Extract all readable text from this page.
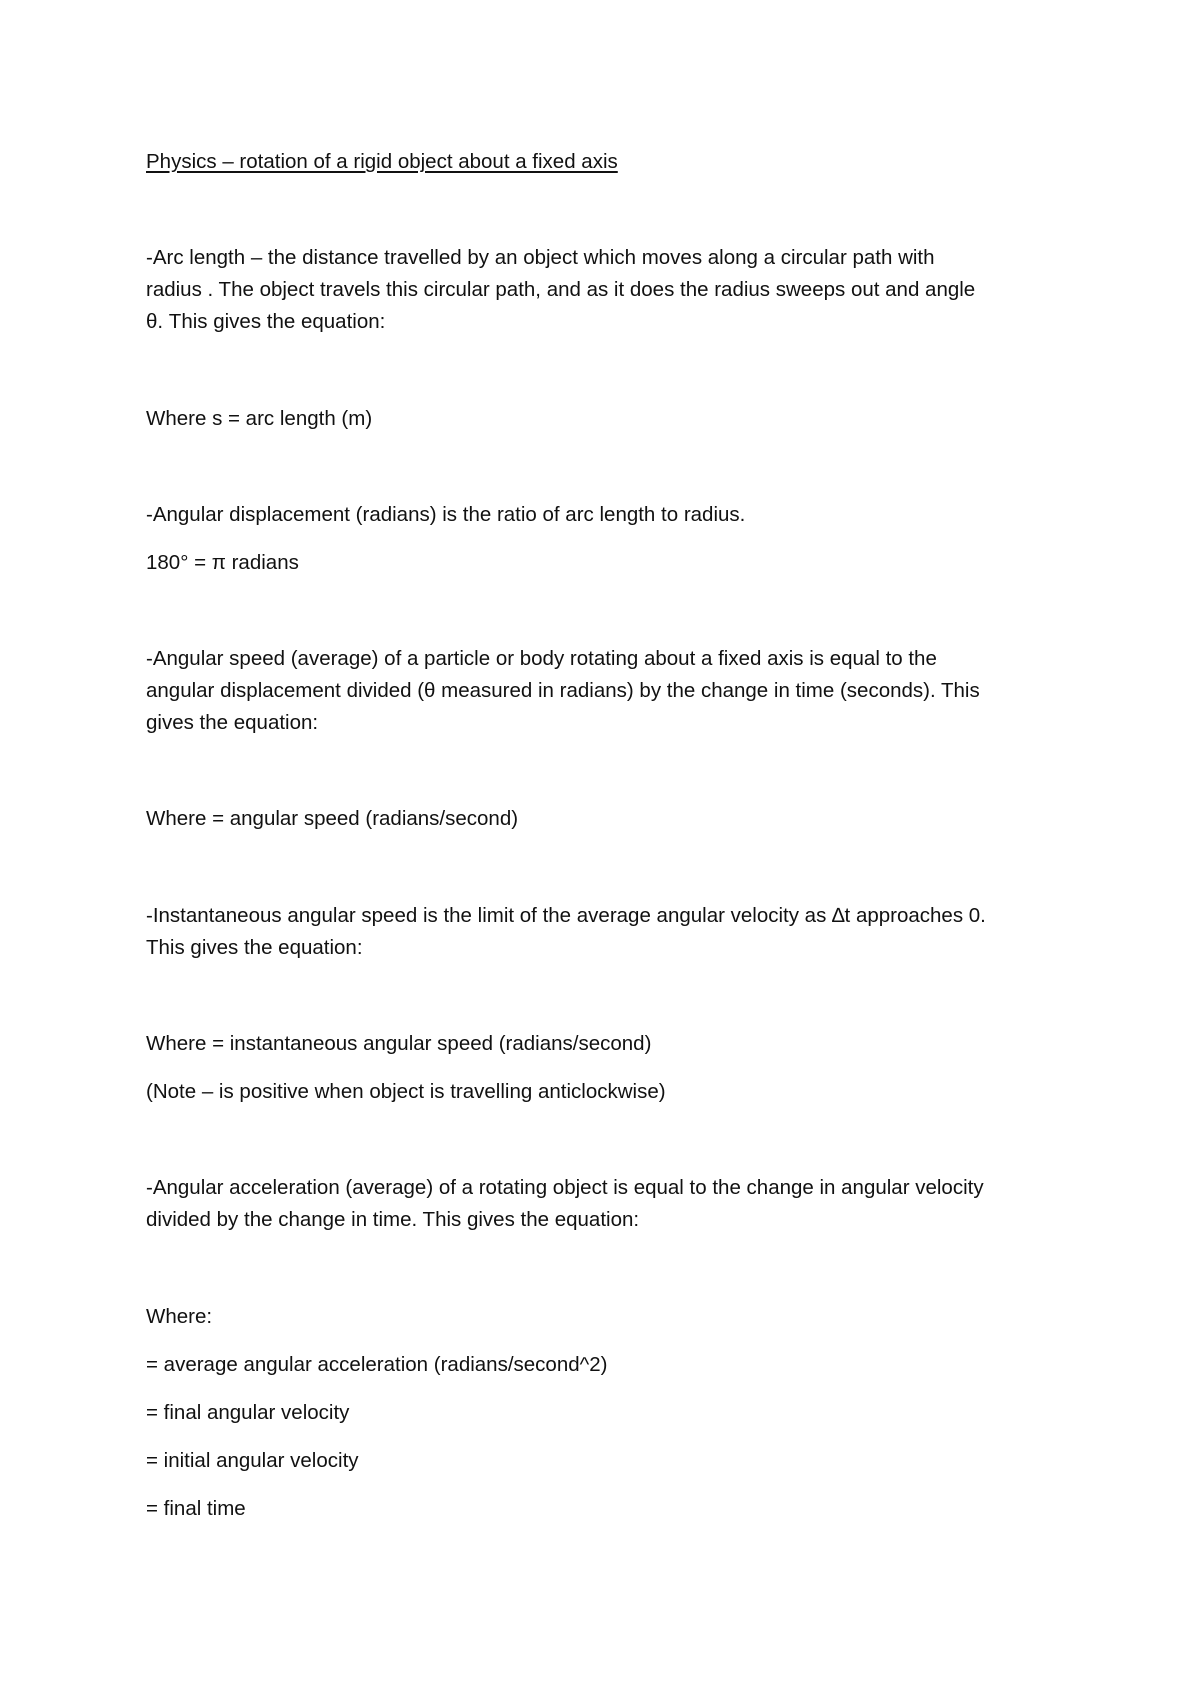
Physics – rotation of a rigid object about a fixed axis

-Arc length – the distance travelled by an object which moves along a circular path with

radius . The object travels this circular path, and as it does the radius sweeps out and angle

θ. This gives the equation:

Where s = arc length (m)

-Angular displacement (radians) is the ratio of arc length to radius.

180° = π radians

-Angular speed (average) of a particle or body rotating about a fixed axis is equal to the

angular displacement divided (θ measured in radians) by the change in time (seconds). This

gives the equation:

Where = angular speed (radians/second)

-Instantaneous angular speed is the limit of the average angular velocity as ∆t approaches 0.

This gives the equation:

Where = instantaneous angular speed (radians/second)

(Note – is positive when object is travelling anticlockwise)

-Angular acceleration (average) of a rotating object is equal to the change in angular velocity

divided by the change in time. This gives the equation:

Where:

= average angular acceleration (radians/second^2)

= final angular velocity

= initial angular velocity

= final time
